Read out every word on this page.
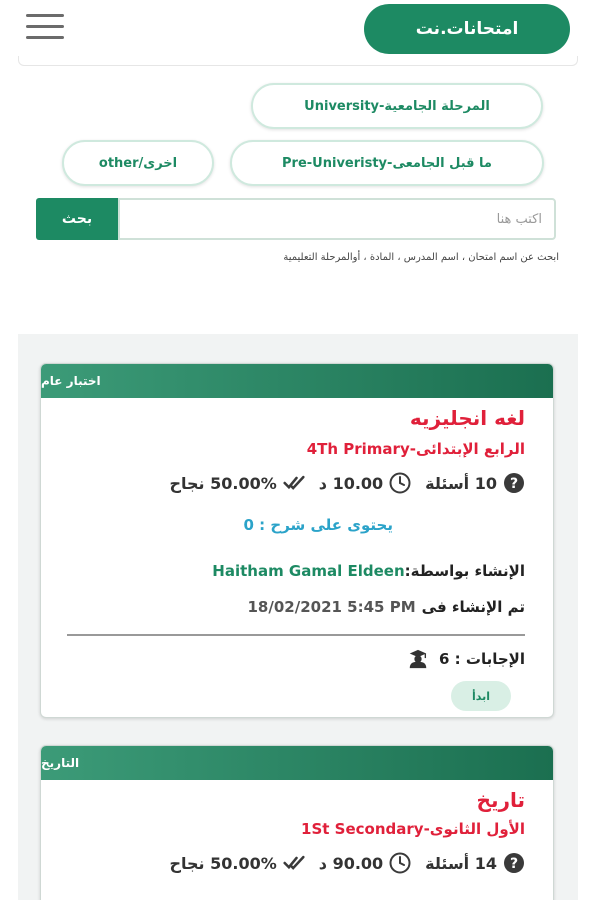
امتحانات.نت
المرحلة الجامعية-University
ما قبل الجامعى-Pre-Univeristy
اخرى/other
بحث
اكتب هنا
ابحث عن اسم امتحان ، اسم المدرس ، المادة ، أوالمرحلة التعليمية
اختبار عام
لغه انجليزيه
الرابع الإبتدائى-4Th Primary
?
10 أسئلة
10.00 د
50.00% نجاح
يحتوى على شرح : 0
الإنشاء بواسطة:
Haitham Gamal Eldeen
تم الإنشاء فى
18/02/2021 5:45 PM
الإجابات : 6
ابدأ
التاريخ
تاريخ
الأول الثانوى-1St Secondary
?
14 أسئلة
90.00 د
50.00% نجاح
